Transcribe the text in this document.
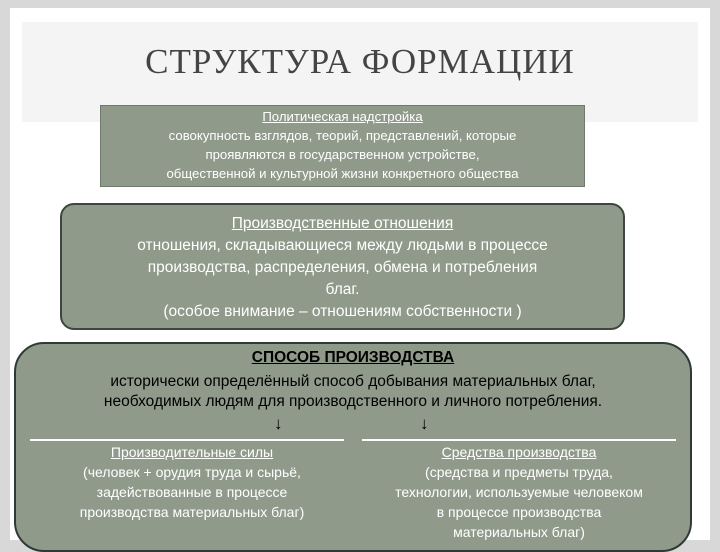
СТРУКТУРА ФОРМАЦИИ
Политическая надстройка
совокупность взглядов, теорий, представлений, которые
проявляются в государственном устройстве,
общественной и культурной жизни конкретного общества
Производственные отношения
отношения, складывающиеся между людьми в процессе
производства, распределения, обмена и потребления
благ.
(особое внимание – отношениям собственности )
СПОСОБ ПРОИЗВОДСТВА
исторически определённый способ добывания материальных благ,
необходимых людям для производственного и личного потребления.
↓	↓
Производительные силы
(человек + орудия труда и сырьё,
задействованные в процессе
производства материальных благ)
Средства производства
(средства и предметы труда,
технологии, используемые человеком
в процессе производства
материальных благ)
